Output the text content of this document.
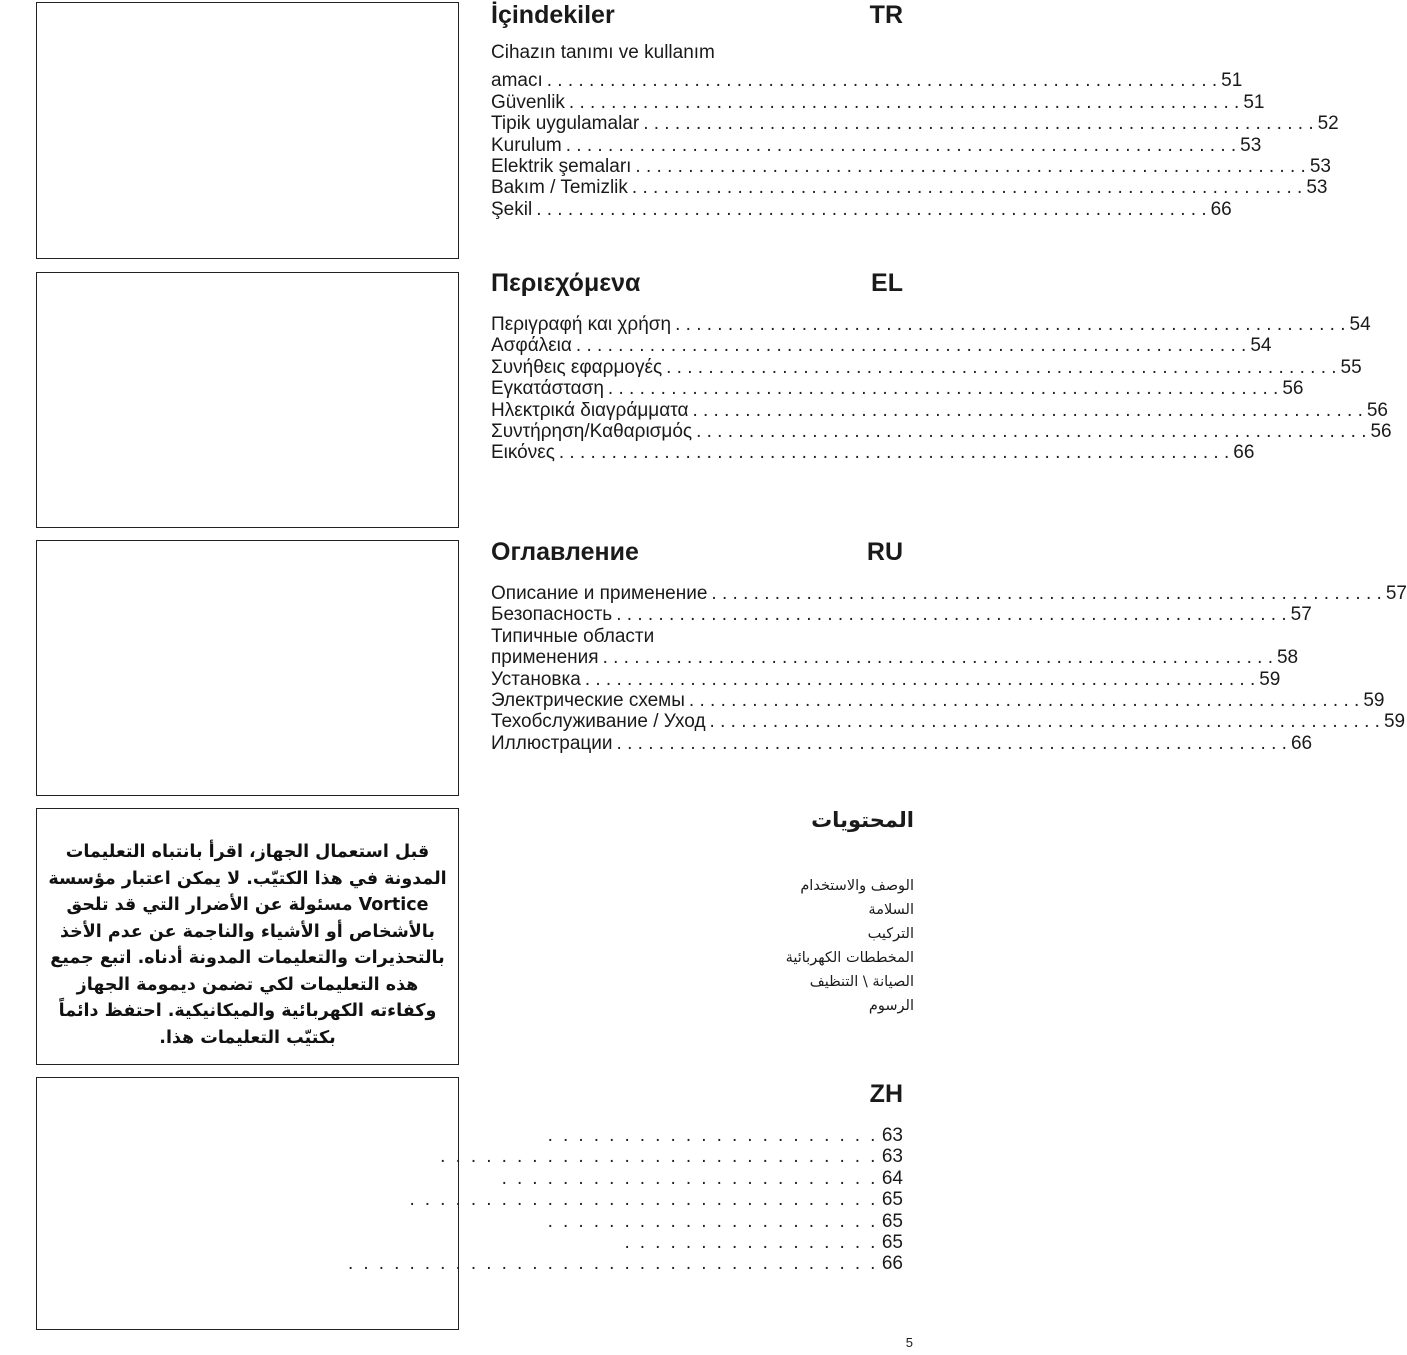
قبل استعمال الجهاز، اقرأ بانتباه التعليمات المدونة في هذا الكتيّب. لا يمكن اعتبار مؤسسة Vortice مسئولة عن الأضرار التي قد تلحق بالأشخاص أو الأشياء والناجمة عن عدم الأخذ بالتحذيرات والتعليمات المدونة أدناه. اتبع جميع هذه التعليمات لكي تضمن ديمومة الجهاز وكفاءته الكهربائية والميكانيكية. احتفظ دائماً بكتيّب التعليمات هذا.
İçindekiler	TR
Cihazın tanımı ve kullanım
amacı . . .	51
Güvenlik . . .	51
Tipik uygulamalar . . .	52
Kurulum . . .	53
Elektrik şemaları . . .	53
Bakım / Temizlik . . .	53
Şekil . . .	66
Περιεχόμενα	EL
Περιγραφή και χρήση . . .	54
Ασφάλεια . . .	54
Συνήθεις εφαρμογές . . .	55
Εγκατάσταση . . .	56
Ηλεκτρικά διαγράμματα . . .	56
Συντήρηση/Καθαρισμός . . .	56
Εικόνες . . .	66
Оглавление	RU
Описание и применение . . .	57
Безопасность . . .	57
Типичные области
применения . . .	58
Установка . . .	59
Электрические схемы . . .	59
Техобслуживание / Уход . . .	59
Иллюстрации . . .	66
المحتويات
الوصف والاستخدام
السلامة
التركيب
المخططات الكهربائية
الصيانة \ التنظيف
الرسوم
ZH
. . . . . . . . . . . . . . . . . . . . . . 63
. . . . . . . . . . . . . . . . . . . . . . . . . . . . . 63
. . . . . . . . . . . . . . . . . . . . . . . . . 64
. . . . . . . . . . . . . . . . . . . . . . . . . . . . . . . 65
. . . . . . . . . . . . . . . . . . . . . . 65
. . . . . . . . . . . . . . . . . 65
. . . . . . . . . . . . . . . . . . . . . . . . . . . . . . . . . . . 66
5
